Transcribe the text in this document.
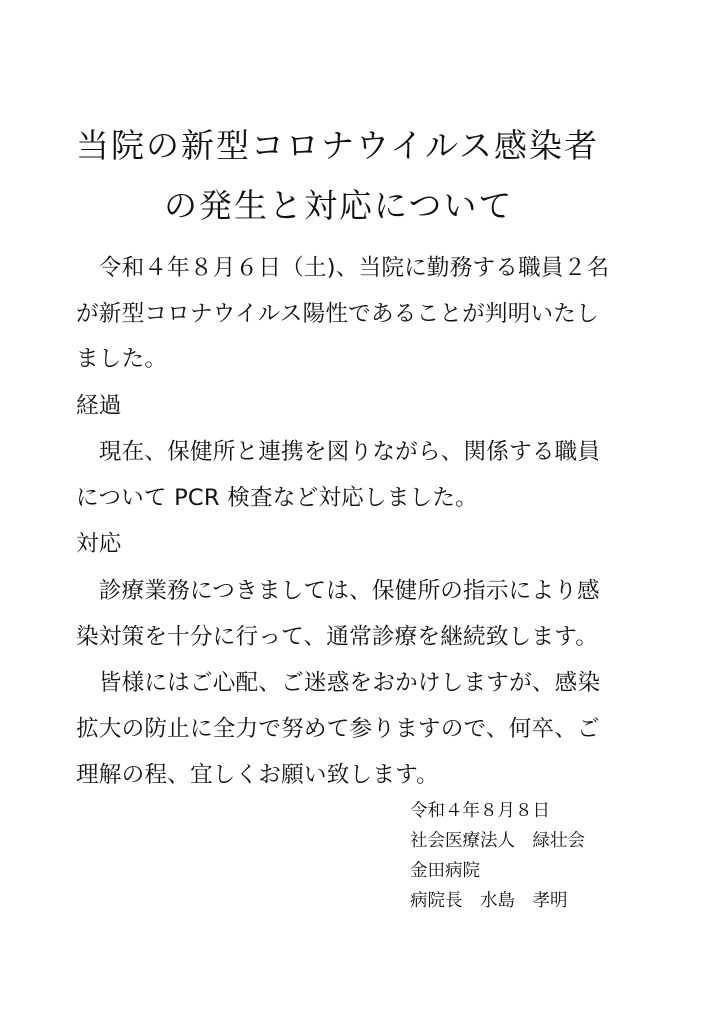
当院の新型コロナウイルス感染者
の発生と対応について
　令和４年８月６日（土)、当院に勤務する職員２名
が新型コロナウイルス陽性であることが判明いたし
ました。
経過
　現在、保健所と連携を図りながら、関係する職員
について PCR 検査など対応しました。
対応
　診療業務につきましては、保健所の指示により感
染対策を十分に行って、通常診療を継続致します。
　皆様にはご心配、ご迷惑をおかけしますが、感染
拡大の防止に全力で努めて参りますので、何卒、ご
理解の程、宜しくお願い致します。
令和４年８月８日
社会医療法人　緑壮会
金田病院
病院長　水島　孝明
